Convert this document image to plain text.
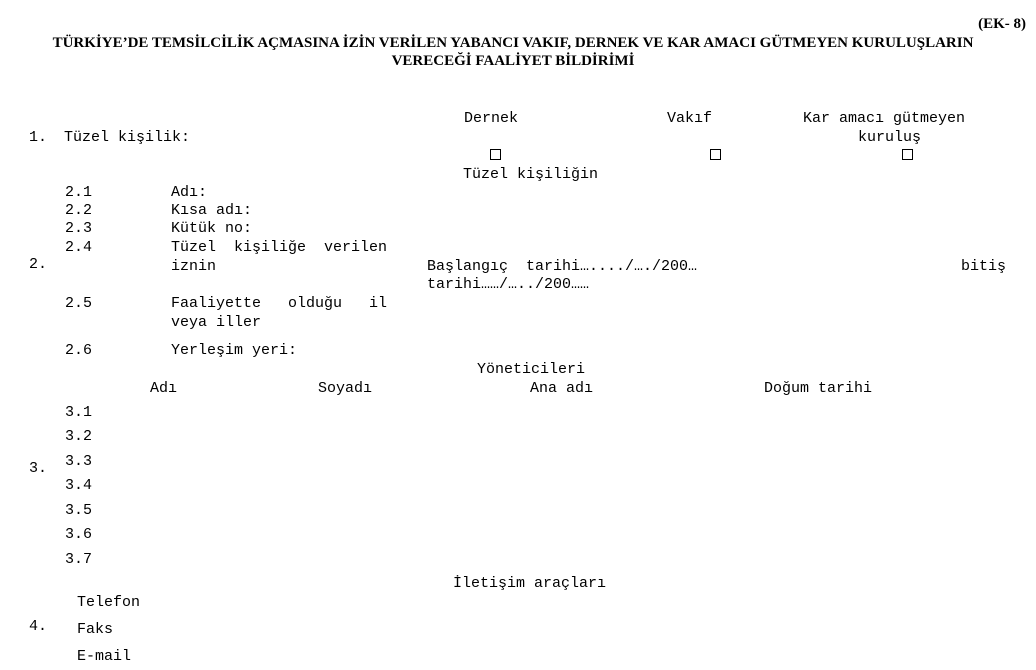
(EK- 8)
TÜRKİYE’DE TEMSİLCİLİK AÇMASINA İZİN VERİLEN YABANCI VAKIF, DERNEK VE KAR AMACI GÜTMEYEN KURULUŞLARIN
VERECEĞİ FAALİYET BİLDİRİMİ
1. Tüzel kişilik:
Dernek	Vakıf	Kar amacı gütmeyen
kuruluş
Tüzel kişiliğin
2.
2.1	Adı:
2.2	Kısa adı:
2.3	Kütük no:
2.4	Tüzel  kişiliğe  verilen
iznin	Başlangıç  tarihi…..../…./200…	bitiş
tarihi……/…../200……
2.5	Faaliyette   olduğu   il
veya iller
2.6	Yerleşim yeri:
Yöneticileri
Adı	Soyadı	Ana adı	Doğum tarihi
3.
3.1
3.2
3.3
3.4
3.5
3.6
3.7
İletişim araçları
4.
Telefon
Faks
E-mail
